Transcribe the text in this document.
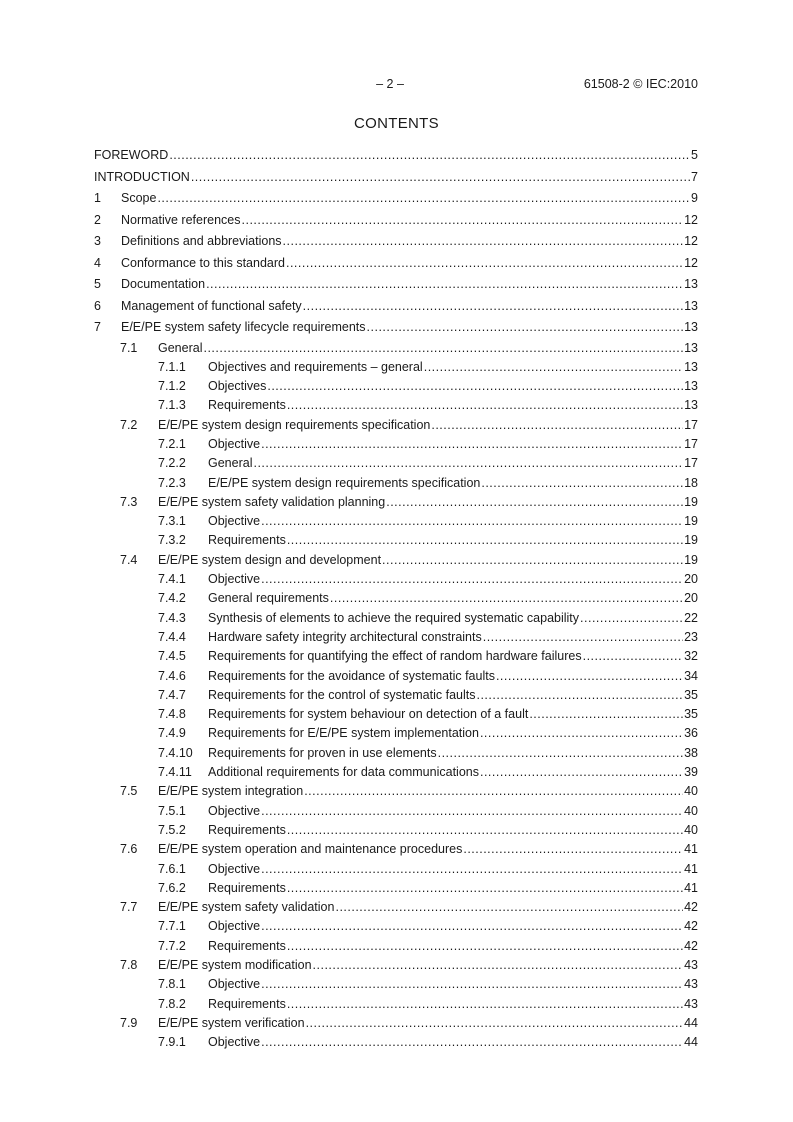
– 2 –	61508-2 © IEC:2010
CONTENTS
FOREWORD .....	5
INTRODUCTION .....	7
1	Scope .....	9
2	Normative references .....	12
3	Definitions and abbreviations .....	12
4	Conformance to this standard .....	12
5	Documentation .....	13
6	Management of functional safety .....	13
7	E/E/PE system safety lifecycle requirements .....	13
7.1	General .....	13
7.1.1	Objectives and requirements – general .....	13
7.1.2	Objectives .....	13
7.1.3	Requirements .....	13
7.2	E/E/PE system design requirements specification .....	17
7.2.1	Objective .....	17
7.2.2	General .....	17
7.2.3	E/E/PE system design requirements specification .....	18
7.3	E/E/PE system safety validation planning .....	19
7.3.1	Objective .....	19
7.3.2	Requirements .....	19
7.4	E/E/PE system design and development .....	19
7.4.1	Objective .....	20
7.4.2	General requirements .....	20
7.4.3	Synthesis of elements to achieve the required systematic capability .....	22
7.4.4	Hardware safety integrity architectural constraints .....	23
7.4.5	Requirements for quantifying the effect of random hardware failures .....	32
7.4.6	Requirements for the avoidance of systematic faults .....	34
7.4.7	Requirements for the control of systematic faults .....	35
7.4.8	Requirements for system behaviour on detection of a fault .....	35
7.4.9	Requirements for E/E/PE system implementation .....	36
7.4.10	Requirements for proven in use elements .....	38
7.4.11	Additional requirements for data communications .....	39
7.5	E/E/PE system integration .....	40
7.5.1	Objective .....	40
7.5.2	Requirements .....	40
7.6	E/E/PE system operation and maintenance procedures .....	41
7.6.1	Objective .....	41
7.6.2	Requirements .....	41
7.7	E/E/PE system safety validation .....	42
7.7.1	Objective .....	42
7.7.2	Requirements .....	42
7.8	E/E/PE system modification .....	43
7.8.1	Objective .....	43
7.8.2	Requirements .....	43
7.9	E/E/PE system verification .....	44
7.9.1	Objective .....	44
